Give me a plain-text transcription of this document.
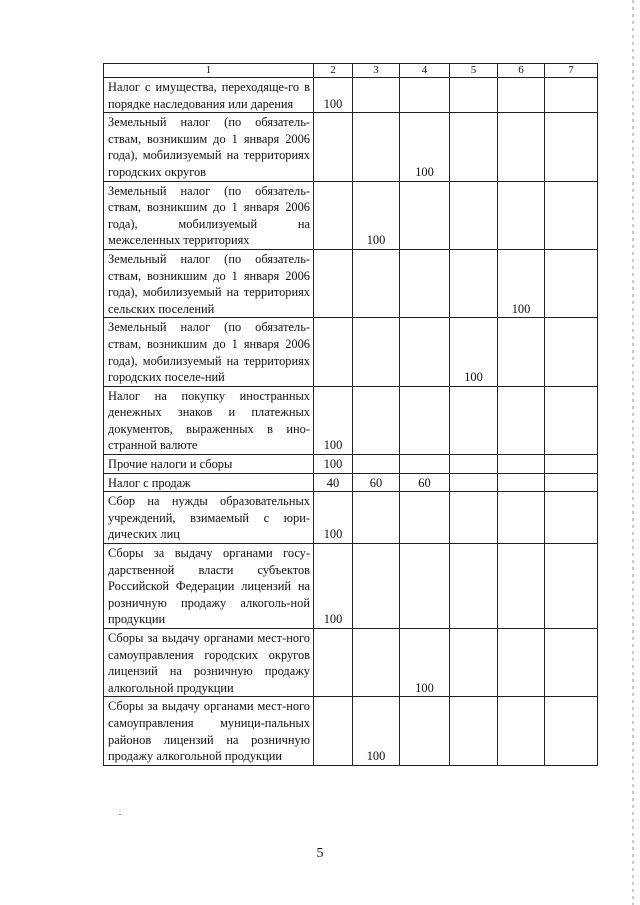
1	2	3	4	5	6	7
Налог с имущества, переходяще-го в порядке наследования или дарения	100					
Земельный налог (по обязатель-ствам, возникшим до 1 января 2006 года), мобилизуемый на территориях городских округов			100			
Земельный налог (по обязатель-ствам, возникшим до 1 января 2006 года), мобилизуемый на межселенных территориях		100				
Земельный налог (по обязатель-ствам, возникшим до 1 января 2006 года), мобилизуемый на территориях сельских поселений					100	
Земельный налог (по обязатель-ствам, возникшим до 1 января 2006 года), мобилизуемый на территориях городских поселе-ний				100		
Налог на покупку иностранных денежных знаков и платежных документов, выраженных в ино-странной валюте	100					
Прочие налоги и сборы	100					
Налог с продаж	40	60	60			
Сбор на нужды образовательных учреждений, взимаемый с юри-дических лиц	100					
Сборы за выдачу органами госу-дарственной власти субъектов Российской Федерации лицензий на розничную продажу алкоголь-ной продукции	100					
Сборы за выдачу органами мест-ного самоуправления городских округов лицензий на розничную продажу алкогольной продукции			100			
Сборы за выдачу органами мест-ного самоуправления муници-пальных районов лицензий на розничную продажу алкогольной продукции		100				
5
